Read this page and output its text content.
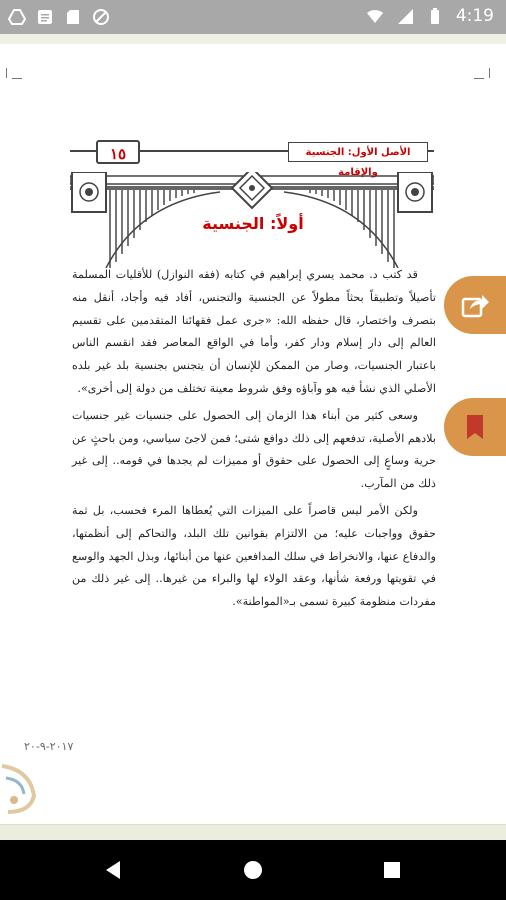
4:19
١٥	الأصل الأول: الجنسية والإقامة
أولاً: الجنسية

قد كتب د. محمد يسري إبراهيم في كتابه (فقه النوازل) للأقليات المسلمة تأصيلاً وتطبيقاً بحثاً مطولاً عن الجنسية والتجنس، أفاد فيه وأجاد، أنقل منه بتصرف واختصار، قال حفظه الله: «جرى عمل فقهائنا المتقدمين على تقسيم العالم إلى دار إسلام ودار كفر، وأما في الواقع المعاصر فقد انقسم الناس باعتبار الجنسيات، وصار من الممكن للإنسان أن يتجنس بجنسية بلد غير بلده الأصلي الذي نشأ فيه هو وآباؤه وفق شروط معينة تختلف من دولة إلى أخرى».

وسعى كثير من أبناء هذا الزمان إلى الحصول على جنسيات غير جنسيات بلادهم الأصلية، تدفعهم إلى ذلك دوافع شتى؛ فمن لاجئ سياسي، ومن باحثٍ عن حرية وساعٍ إلى الحصول على حقوق أو مميزات لم يجدها في قومه.. إلى غير ذلك من المآرب.

ولكن الأمر ليس قاصراً على الميزات التي يُعطاها المرء فحسب، بل ثمة حقوق وواجبات عليه؛ من الالتزام بقوانين تلك البلد، والتحاكم إلى أنظمتها، والدفاع عنها، والانخراط في سلك المدافعين عنها من أبنائها، وبذل الجهد والوسع في تقويتها ورفعة شأنها، وعقد الولاء لها والبراء من غيرها.. إلى غير ذلك من مفردات منظومة كبيرة تسمى بـ«المواطنة».

٢٠١٧-٩-٢٠
